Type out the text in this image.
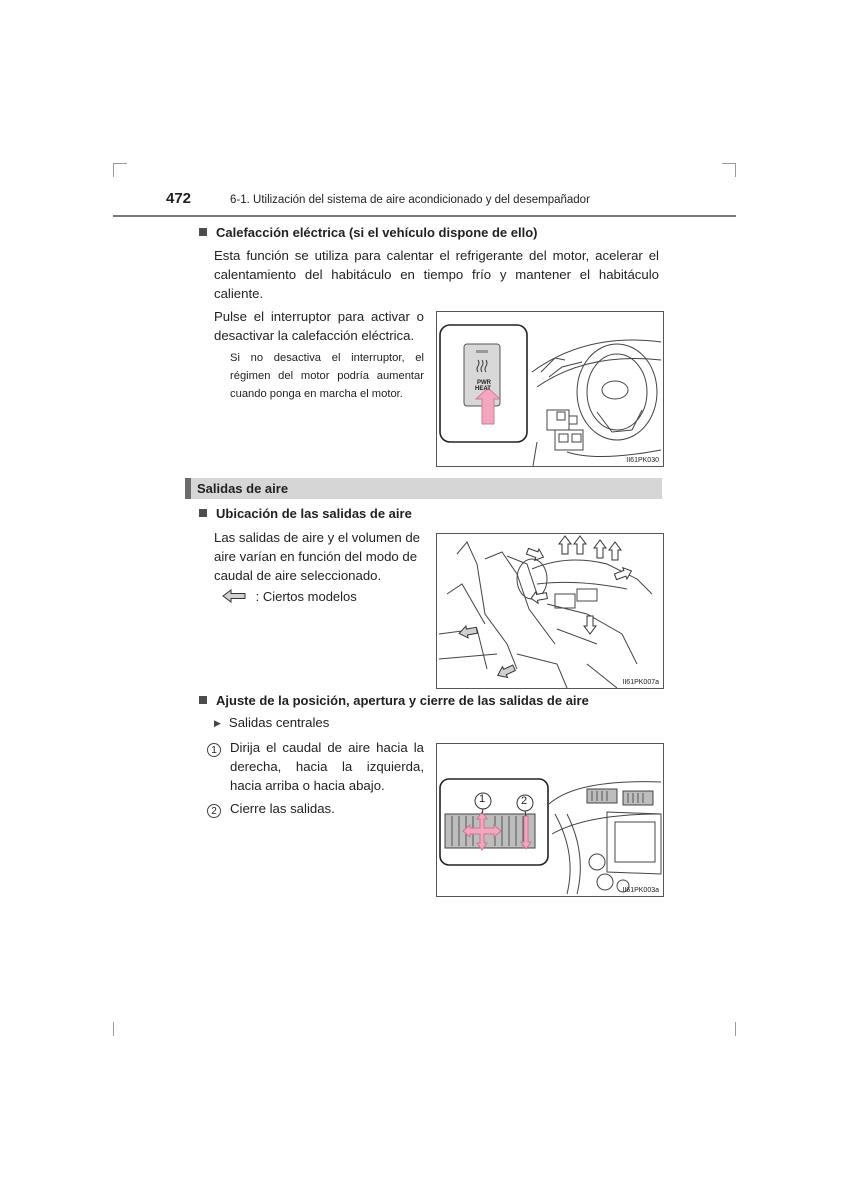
472	6-1. Utilización del sistema de aire acondicionado y del desempañador
Calefacción eléctrica (si el vehículo dispone de ello)
Esta función se utiliza para calentar el refrigerante del motor, acelerar el calentamiento del habitáculo en tiempo frío y mantener el habitáculo caliente.
Pulse el interruptor para activar o desactivar la calefacción eléctrica.
Si no desactiva el interruptor, el régimen del motor podría aumentar cuando ponga en marcha el motor.
PWR
HEAT
II61PK030
Salidas de aire
Ubicación de las salidas de aire
Las salidas de aire y el volumen de aire varían en función del modo de caudal de aire seleccionado.
: Ciertos modelos
II61PK007a
Ajuste de la posición, apertura y cierre de las salidas de aire
▶ Salidas centrales
1	Dirija el caudal de aire hacia la derecha, hacia la izquierda, hacia arriba o hacia abajo.
2	Cierre las salidas.
1	2
II61PK003a
